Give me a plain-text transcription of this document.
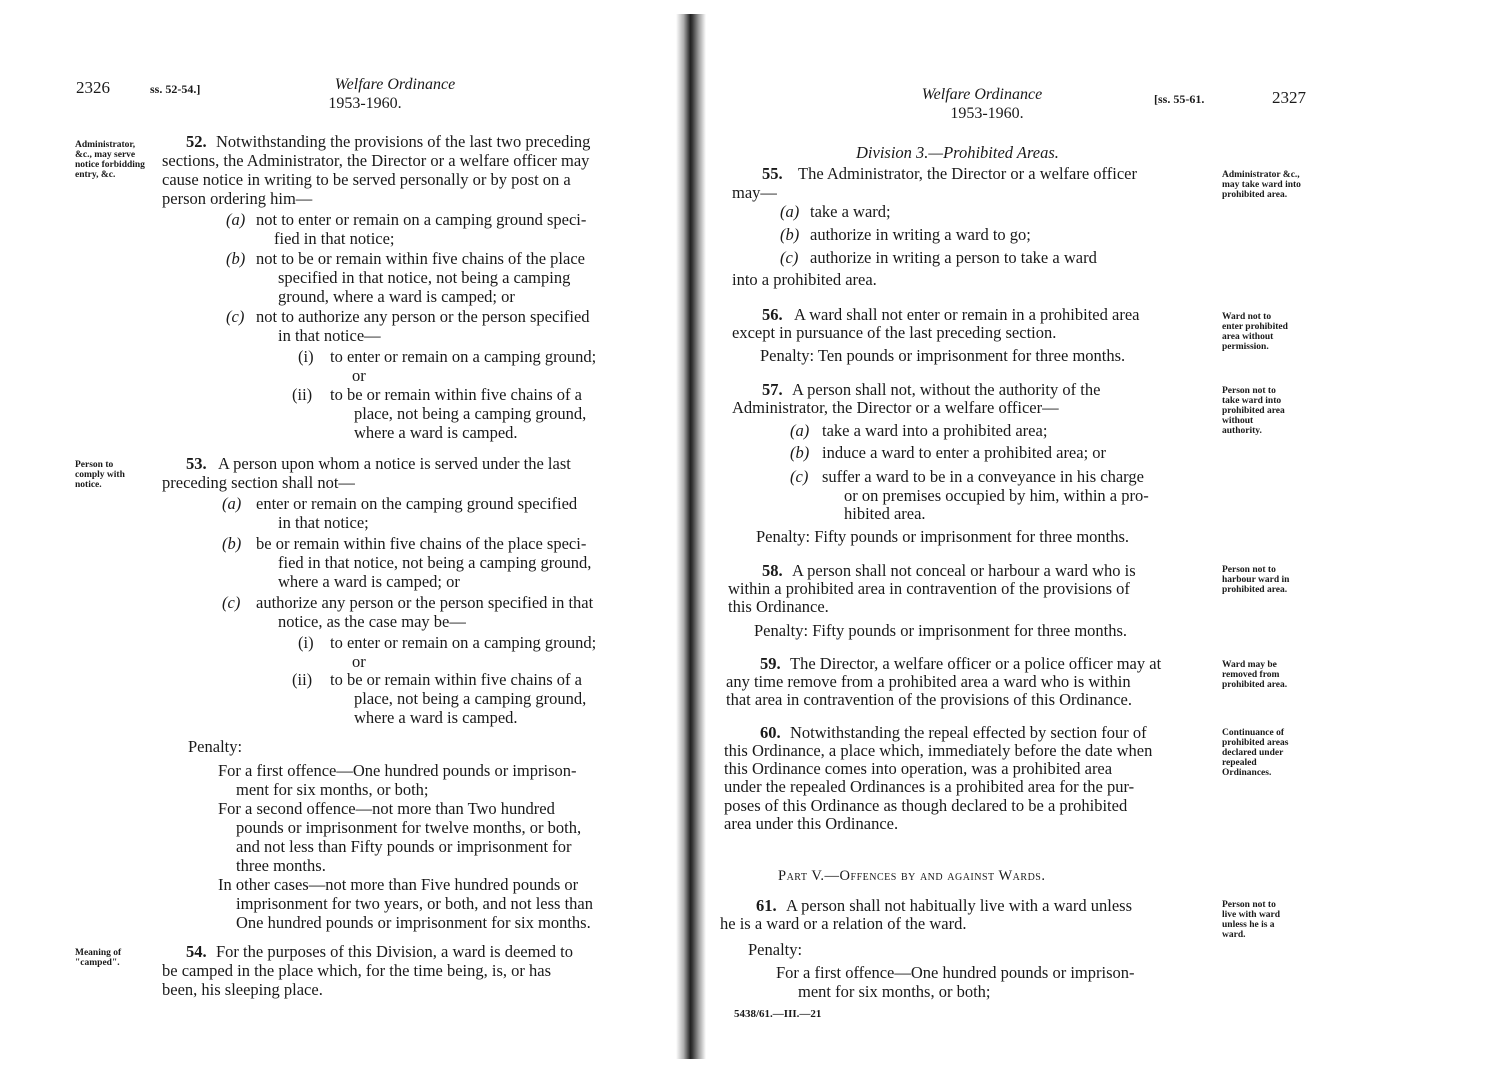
2326	ss. 52-54.]	Welfare Ordinance
1953-1960.
Administrator, &c., may serve notice forbidding entry, &c.
Person to comply with notice.
Meaning of "camped".
52. Notwithstanding the provisions of the last two preceding
sections, the Administrator, the Director or a welfare officer may
cause notice in writing to be served personally or by post on a
person ordering him—
(a) not to enter or remain on a camping ground speci-
fied in that notice;
(b) not to be or remain within five chains of the place
specified in that notice, not being a camping
ground, where a ward is camped; or
(c) not to authorize any person or the person specified
in that notice—
(i) to enter or remain on a camping ground;
or
(ii) to be or remain within five chains of a
place, not being a camping ground,
where a ward is camped.
53. A person upon whom a notice is served under the last
preceding section shall not—
(a) enter or remain on the camping ground specified
in that notice;
(b) be or remain within five chains of the place speci-
fied in that notice, not being a camping ground,
where a ward is camped; or
(c) authorize any person or the person specified in that
notice, as the case may be—
(i) to enter or remain on a camping ground;
or
(ii) to be or remain within five chains of a
place, not being a camping ground,
where a ward is camped.
Penalty:
For a first offence—One hundred pounds or imprison-
ment for six months, or both;
For a second offence—not more than Two hundred
pounds or imprisonment for twelve months, or both,
and not less than Fifty pounds or imprisonment for
three months.
In other cases—not more than Five hundred pounds or
imprisonment for two years, or both, and not less than
One hundred pounds or imprisonment for six months.
54. For the purposes of this Division, a ward is deemed to
be camped in the place which, for the time being, is, or has
been, his sleeping place.
Welfare Ordinance
1953-1960.
[ss. 55-61.	2327
Division 3.—Prohibited Areas.
Administrator &c., may take ward into prohibited area.
Ward not to enter prohibited area without permission.
Person not to take ward into prohibited area without authority.
Person not to harbour ward in prohibited area.
Ward may be removed from prohibited area.
Continuance of prohibited areas declared under repealed Ordinances.
Person not to live with ward unless he is a ward.
55. The Administrator, the Director or a welfare officer
may—
(a) take a ward;
(b) authorize in writing a ward to go;
(c) authorize in writing a person to take a ward
into a prohibited area.
56. A ward shall not enter or remain in a prohibited area
except in pursuance of the last preceding section.
Penalty: Ten pounds or imprisonment for three months.
57. A person shall not, without the authority of the
Administrator, the Director or a welfare officer—
(a) take a ward into a prohibited area;
(b) induce a ward to enter a prohibited area; or
(c) suffer a ward to be in a conveyance in his charge
or on premises occupied by him, within a pro-
hibited area.
Penalty: Fifty pounds or imprisonment for three months.
58. A person shall not conceal or harbour a ward who is
within a prohibited area in contravention of the provisions of
this Ordinance.
Penalty: Fifty pounds or imprisonment for three months.
59. The Director, a welfare officer or a police officer may at
any time remove from a prohibited area a ward who is within
that area in contravention of the provisions of this Ordinance.
60. Notwithstanding the repeal effected by section four of
this Ordinance, a place which, immediately before the date when
this Ordinance comes into operation, was a prohibited area
under the repealed Ordinances is a prohibited area for the pur-
poses of this Ordinance as though declared to be a prohibited
area under this Ordinance.
Part V.—Offences by and against Wards.
61. A person shall not habitually live with a ward unless
he is a ward or a relation of the ward.
Penalty:
For a first offence—One hundred pounds or imprison-
ment for six months, or both;
5438/61.—III.—21
